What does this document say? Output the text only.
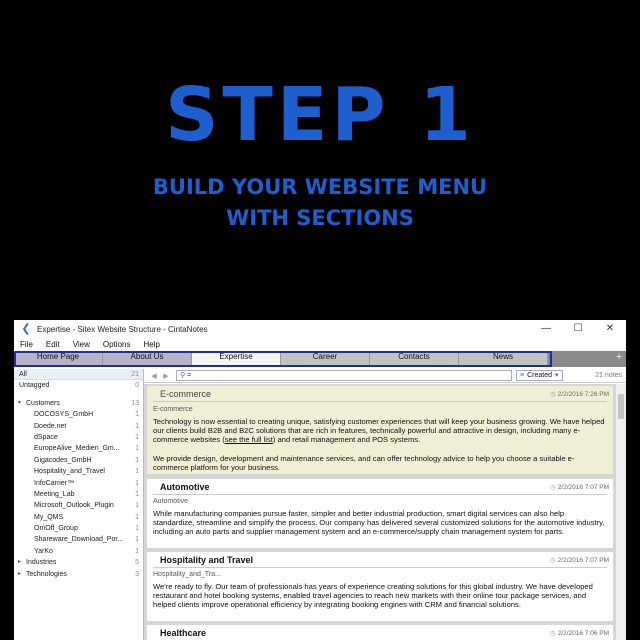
STEP 1
BUILD YOUR WEBSITE MENU
WITH SECTIONS
❮ Expertise - Sitex Website Structure - CintaNotes	—	☐	✕
File Edit View Options Help
Home Page	About Us	Expertise	Career	Contacts	News	+
All	21
Untagged	0
▾ Customers	13
DOCOSYS_GmbH	1
Doede.net	1
dSpace	1
EuropeAlive_Medien_Gm... 1
Gigacodes_GmbH	1
Hospitality_and_Travel	1
InfoCarrier™	1
Meeting_Lab	1
Microsoft_Outlook_Plugin	1
My_QMS	1
On\Off_Group	1
Shareware_Download_Por... 1
YarKo	1
▸ Industries	5
▸ Technologies	3
◀ ▶	⚲ =	≡ Created ▾	21 notes
E-commerce	◷ 2/2/2016 7:26 PM
E-commerce

Technology is now essential to creating unique, satisfying customer experiences that will keep your business growing. We have helped our clients build B2B and B2C solutions that are rich in features, technically powerful and attractive in design, including many e-commerce websites (see the full list) and retail management and POS systems.

We provide design, development and maintenance services, and can offer technology advice to help you choose a suitable e-commerce platform for your business.

Automotive	◷ 2/2/2016 7:07 PM
Automotive

While manufacturing companies pursue faster, simpler and better industrial production, smart digital services can also help standardize, streamline and simplify the process. Our company has delivered several customized solutions for the automotive industry, including an auto parts and supplier management system and an e-commerce/supply chain management system for parts.

Hospitality and Travel	◷ 2/2/2016 7:07 PM
Hospitality_and_Tra...

We're ready to fly. Our team of professionals has years of experience creating solutions for this global industry. We have developed restaurant and hotel booking systems, enabled travel agencies to reach new markets with their online tour package services, and helped clients improve operational efficiency by integrating booking engines with CRM and financial solutions.

Healthcare	◷ 2/2/2016 7:06 PM
